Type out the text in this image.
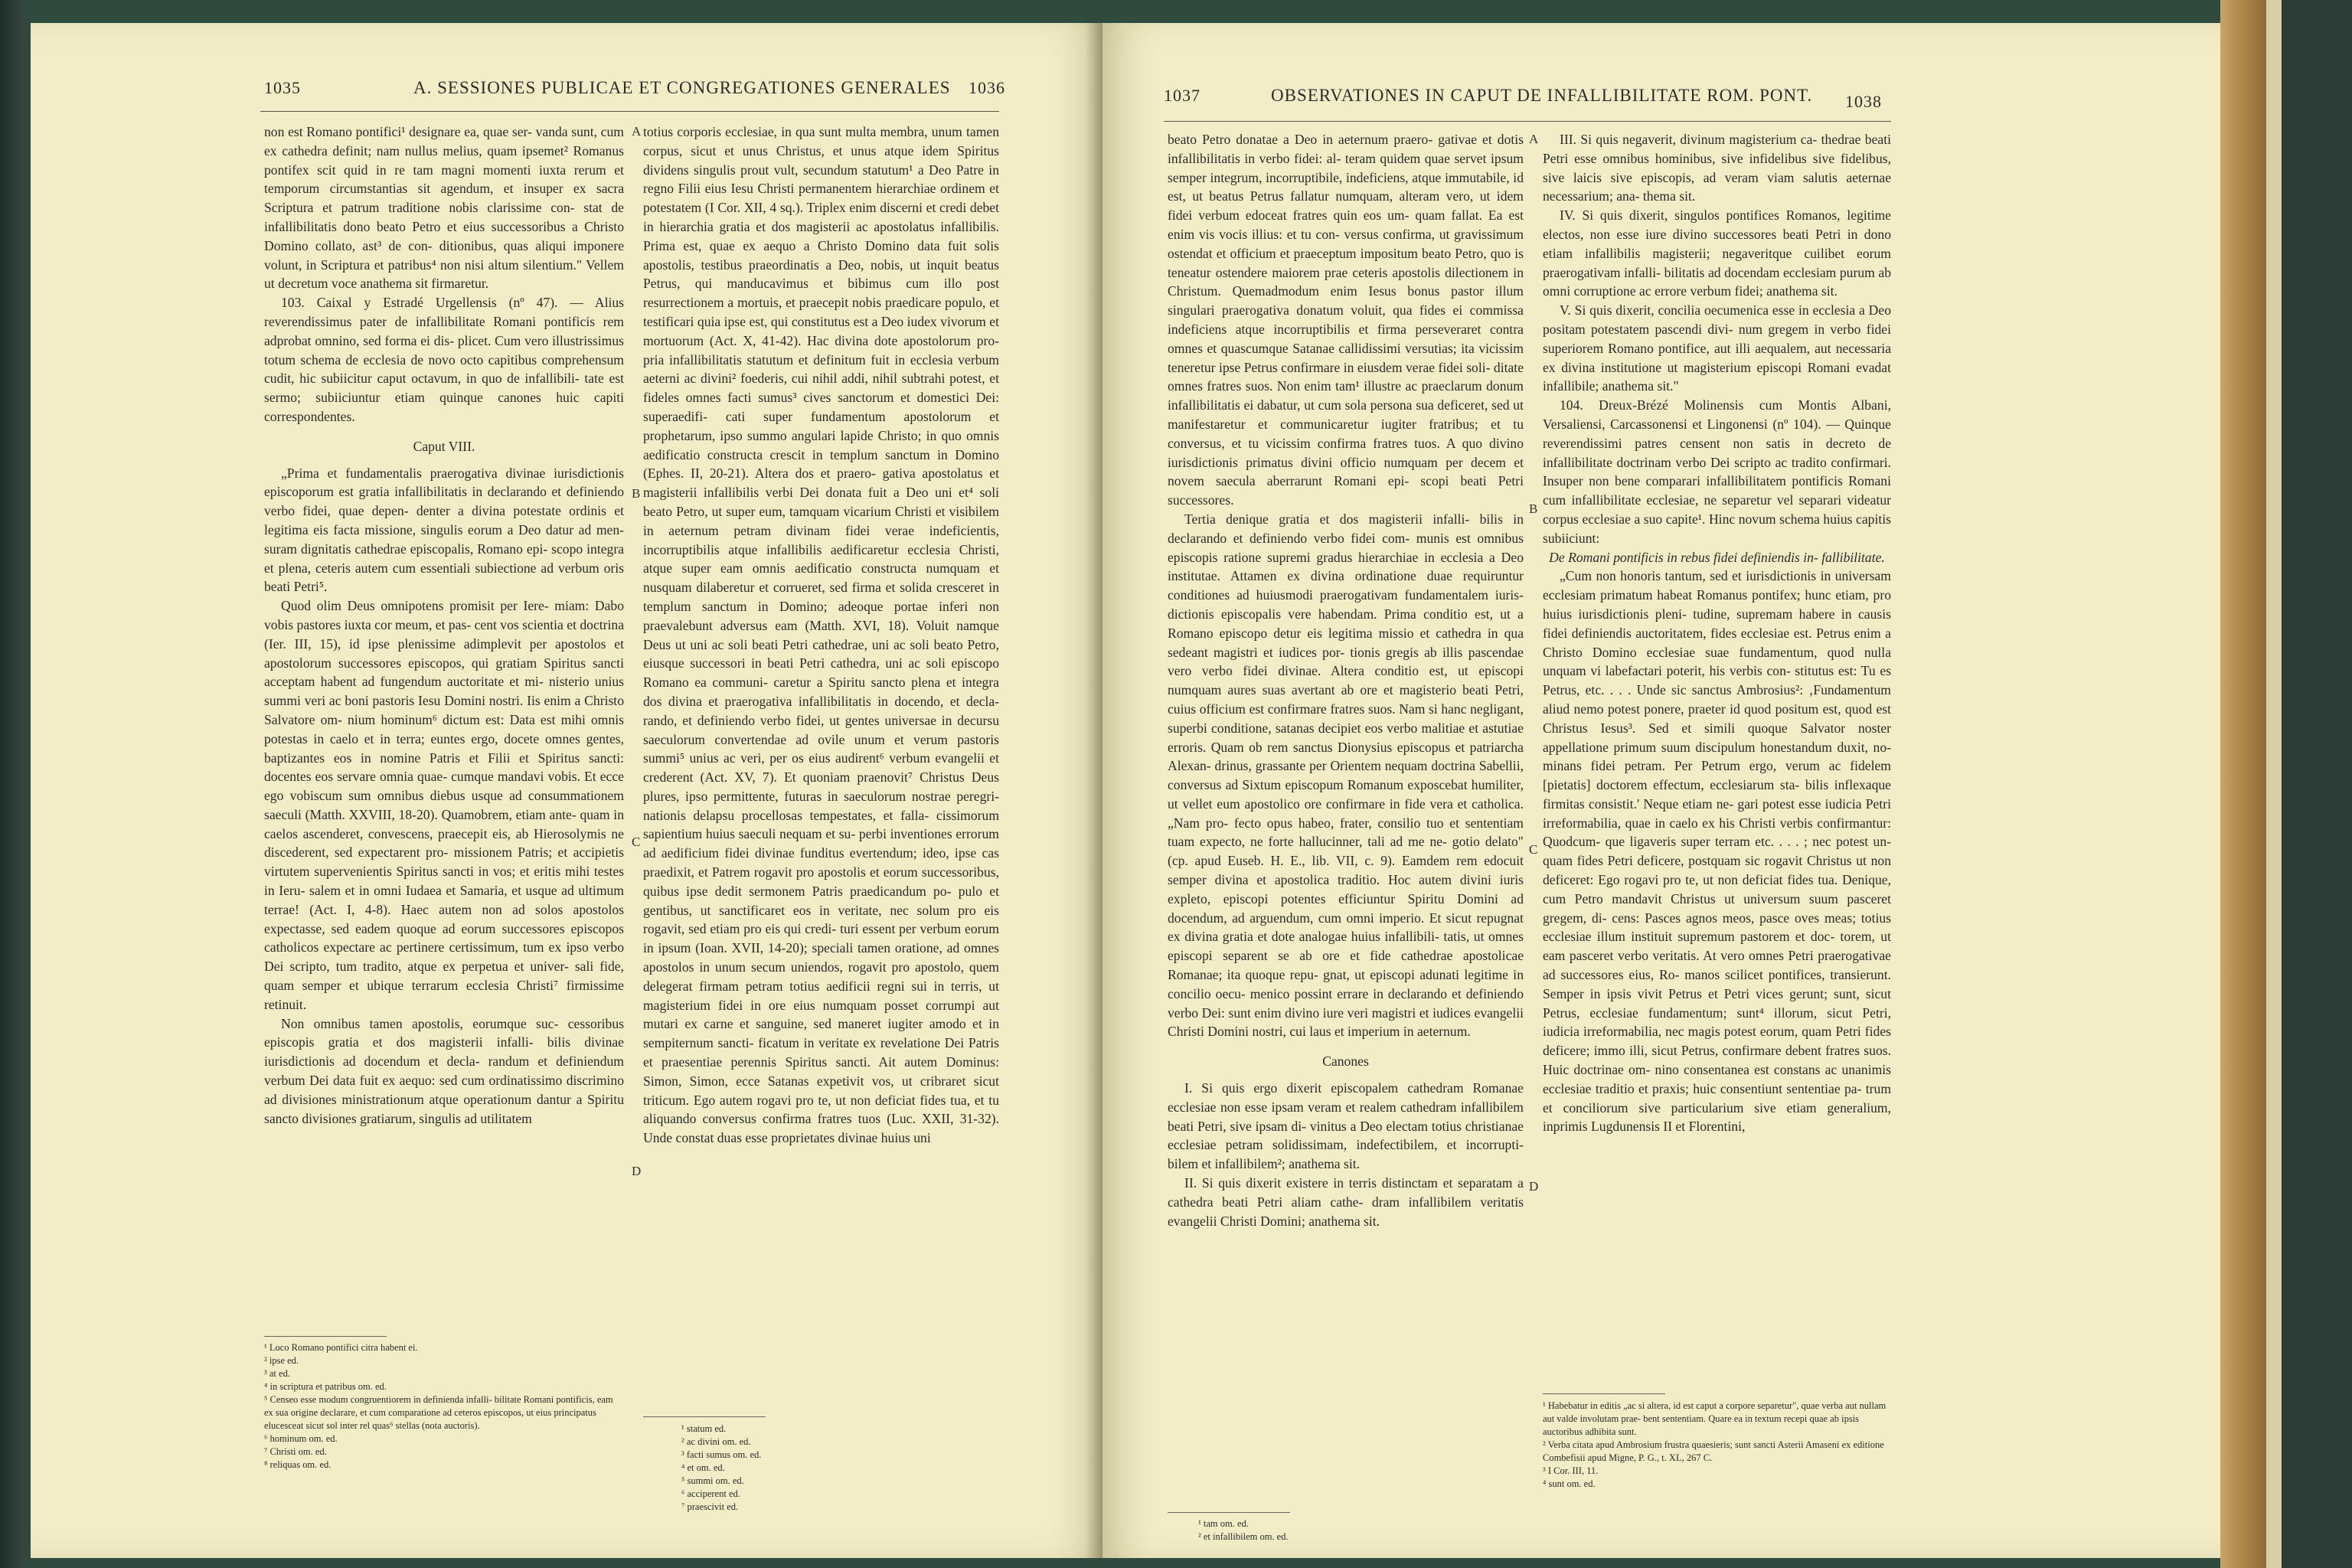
1035	A. SESSIONES PUBLICAE ET CONGREGATIONES GENERALES 1036

non est Romano pontifici¹ designare ea, quae ser- vanda sunt, cum ex cathedra definit; nam nullus melius, quam ipsemet² Romanus pontifex scit quid in re tam magni momenti iuxta rerum et temporum circumstantias sit agendum, et insuper ex sacra Scriptura et patrum traditione nobis clarissime con- stat de infallibilitatis dono beato Petro et eius successoribus a Christo Domino collato, ast³ de con- ditionibus, quas aliqui imponere volunt, in Scriptura et patribus⁴ non nisi altum silentium." Vellem ut decretum voce anathema sit firmaretur.

103. Caixal y Estradé Urgellensis (nº 47). — Alius reverendissimus pater de infallibilitate Romani pontificis rem adprobat omnino, sed forma ei dis- plicet. Cum vero illustrissimus totum schema de ecclesia de novo octo capitibus comprehensum cudit, hic subiicitur caput octavum, in quo de infallibili- tate est sermo; subiiciuntur etiam quinque canones huic capiti correspondentes.

Caput VIII.

„Prima et fundamentalis praerogativa divinae iurisdictionis episcoporum est gratia infallibilitatis in declarando et definiendo verbo fidei, quae depen- denter a divina potestate ordinis et legitima eis facta missione, singulis eorum a Deo datur ad men- suram dignitatis cathedrae episcopalis, Romano epi- scopo integra et plena, ceteris autem cum essentiali subiectione ad verbum oris beati Petri⁵.

Quod olim Deus omnipotens promisit per Iere- miam: Dabo vobis pastores iuxta cor meum, et pas- cent vos scientia et doctrina (Ier. III, 15), id ipse plenissime adimplevit per apostolos et apostolorum successores episcopos, qui gratiam Spiritus sancti acceptam habent ad fungendum auctoritate et mi- nisterio unius summi veri ac boni pastoris Iesu Domini nostri. Iis enim a Christo Salvatore om- nium hominum⁶ dictum est: Data est mihi omnis potestas in caelo et in terra; euntes ergo, docete omnes gentes, baptizantes eos in nomine Patris et Filii et Spiritus sancti: docentes eos servare omnia quae- cumque mandavi vobis. Et ecce ego vobiscum sum omnibus diebus usque ad consummationem saeculi (Matth. XXVIII, 18-20). Quamobrem, etiam ante- quam in caelos ascenderet, convescens, praecepit eis, ab Hierosolymis ne discederent, sed expectarent pro- missionem Patris; et accipietis virtutem supervenientis Spiritus sancti in vos; et eritis mihi testes in Ieru- salem et in omni Iudaea et Samaria, et usque ad ultimum terrae! (Act. I, 4-8). Haec autem non ad solos apostolos expectasse, sed eadem quoque ad eorum successores episcopos catholicos expectare ac pertinere certissimum, tum ex ipso verbo Dei scripto, tum tradito, atque ex perpetua et univer- sali fide, quam semper et ubique terrarum ecclesia Christi⁷ firmissime retinuit.

Non omnibus tamen apostolis, eorumque suc- cessoribus episcopis gratia et dos magisterii infalli- bilis divinae iurisdictionis ad docendum et decla- randum et definiendum verbum Dei data fuit ex aequo: sed cum ordinatissimo discrimino ad divisiones ministrationum atque operationum dantur a Spiritu sancto divisiones gratiarum, singulis ad utilitatem

¹ Loco Romano pontifici citra habent ei.
² ipse ed.
³ at ed.
⁴ in scriptura et patribus om. ed.
⁵ Censeo esse modum congruentiorem in definienda infalli- bilitate Romani pontificis, eam ex sua origine declarare, et cum comparatione ad ceteros episcopos, ut eius principatus elucesceat sicut sol inter rel quas⁶ stellas (nota auctoris).
⁶ hominum om. ed.
⁷ Christi om. ed.
⁸ reliquas om. ed.
A
B
C
D

totius corporis ecclesiae, in qua sunt multa membra, unum tamen corpus, sicut et unus Christus, et unus atque idem Spiritus dividens singulis prout vult, secundum statutum¹ a Deo Patre in regno Filii eius Iesu Christi permanentem hierarchiae ordinem et potestatem (I Cor. XII, 4 sq.). Triplex enim discerni et credi debet in hierarchia gratia et dos magisterii ac apostolatus infallibilis. Prima est, quae ex aequo a Christo Domino data fuit solis apostolis, testibus praeordinatis a Deo, nobis, ut inquit beatus Petrus, qui manducavimus et bibimus cum illo post resurrectionem a mortuis, et praecepit nobis praedicare populo, et testificari quia ipse est, qui constitutus est a Deo iudex vivorum et mortuorum (Act. X, 41-42). Hac divina dote apostolorum pro- pria infallibilitatis statutum et definitum fuit in ecclesia verbum aeterni ac divini² foederis, cui nihil addi, nihil subtrahi potest, et fideles omnes facti sumus³ cives sanctorum et domestici Dei: superaedifi- cati super fundamentum apostolorum et prophetarum, ipso summo angulari lapide Christo; in quo omnis aedificatio constructa crescit in templum sanctum in Domino (Ephes. II, 20-21). Altera dos et praero- gativa apostolatus et magisterii infallibilis verbi Dei donata fuit a Deo uni et⁴ soli beato Petro, ut super eum, tamquam vicarium Christi et visibilem in aeternum petram divinam fidei verae indeficientis, incorruptibilis atque infallibilis aedificaretur ecclesia Christi, atque super eam omnis aedificatio constructa numquam et nusquam dilaberetur et corrueret, sed firma et solida cresceret in templum sanctum in Domino; adeoque portae inferi non praevalebunt adversus eam (Matth. XVI, 18). Voluit namque Deus ut uni ac soli beati Petri cathedrae, uni ac soli beato Petro, eiusque successori in beati Petri cathedra, uni ac soli episcopo Romano ea communi- caretur a Spiritu sancto plena et integra dos divina et praerogativa infallibilitatis in docendo, et decla- rando, et definiendo verbo fidei, ut gentes universae in decursu saeculorum convertendae ad ovile unum et verum pastoris summi⁵ unius ac veri, per os eius audirent⁶ verbum evangelii et crederent (Act. XV, 7). Et quoniam praenovit⁷ Christus Deus plures, ipso permittente, futuras in saeculorum nostrae peregri- nationis delapsu procellosas tempestates, et falla- cissimorum sapientium huius saeculi nequam et su- perbi inventiones errorum ad aedificium fidei divinae funditus evertendum; ideo, ipse cas praedixit, et Patrem rogavit pro apostolis et eorum successoribus, quibus ipse dedit sermonem Patris praedicandum po- pulo et gentibus, ut sanctificaret eos in veritate, nec solum pro eis rogavit, sed etiam pro eis qui credi- turi essent per verbum eorum in ipsum (Ioan. XVII, 14-20); speciali tamen oratione, ad omnes apostolos in unum secum uniendos, rogavit pro apostolo, quem delegerat firmam petram totius aedificii regni sui in terris, ut magisterium fidei in ore eius numquam posset corrumpi aut mutari ex carne et sanguine, sed maneret iugiter amodo et in sempiternum sancti- ficatum in veritate ex revelatione Dei Patris et praesentiae perennis Spiritus sancti. Ait autem Dominus: Simon, Simon, ecce Satanas expetivit vos, ut cribraret sicut triticum. Ego autem rogavi pro te, ut non deficiat fides tua, et tu aliquando conversus confirma fratres tuos (Luc. XXII, 31-32). Unde constat duas esse proprietates divinae huius uni

¹ statum ed.
² ac divini om. ed.
³ facti sumus om. ed.
⁴ et om. ed.
⁵ summi om. ed.
⁶ acciperent ed.
⁷ praescivit ed.
1037	OBSERVATIONES IN CAPUT DE INFALLIBILITATE ROM. PONT. 1038

beato Petro donatae a Deo in aeternum praero- gativae et dotis infallibilitatis in verbo fidei: al- teram quidem quae servet ipsum semper integrum, incorruptibile, indeficiens, atque immutabile, id est, ut beatus Petrus fallatur numquam, alteram vero, ut idem fidei verbum edoceat fratres quin eos um- quam fallat. Ea est enim vis vocis illius: et tu con- versus confirma, ut gravissimum ostendat et officium et praeceptum impositum beato Petro, quo is teneatur ostendere maiorem prae ceteris apostolis dilectionem in Christum. Quemadmodum enim Iesus bonus pastor illum singulari praerogativa donatum voluit, qua fides ei commissa indeficiens atque incorruptibilis et firma perseveraret contra omnes et quascumque Satanae callidissimi versutias; ita vicissim teneretur ipse Petrus confirmare in eiusdem verae fidei soli- ditate omnes fratres suos. Non enim tam¹ illustre ac praeclarum donum infallibilitatis ei dabatur, ut cum sola persona sua deficeret, sed ut manifestaretur et communicaretur iugiter fratribus; et tu conversus, et tu vicissim confirma fratres tuos. A quo divino iurisdictionis primatus divini officio numquam per decem et novem saecula aberrarunt Romani epi- scopi beati Petri successores.

Tertia denique gratia et dos magisterii infalli- bilis in declarando et definiendo verbo fidei com- munis est omnibus episcopis ratione supremi gradus hierarchiae in ecclesia a Deo institutae. Attamen ex divina ordinatione duae requiruntur conditiones ad huiusmodi praerogativam fundamentalem iuris- dictionis episcopalis vere habendam. Prima conditio est, ut a Romano episcopo detur eis legitima missio et cathedra in qua sedeant magistri et iudices por- tionis gregis ab illis pascendae vero verbo fidei divinae. Altera conditio est, ut episcopi numquam aures suas avertant ab ore et magisterio beati Petri, cuius officium est confirmare fratres suos. Nam si hanc negligant, superbi conditione, satanas decipiet eos verbo malitiae et astutiae erroris. Quam ob rem sanctus Dionysius episcopus et patriarcha Alexan- drinus, grassante per Orientem nequam doctrina Sabellii, conversus ad Sixtum episcopum Romanum exposcebat humiliter, ut vellet eum apostolico ore confirmare in fide vera et catholica. „Nam pro- fecto opus habeo, frater, consilio tuo et sententiam tuam expecto, ne forte hallucinner, tali ad me ne- gotio delato" (cp. apud Euseb. H. E., lib. VII, c. 9). Eamdem rem edocuit semper divina et apostolica traditio. Hoc autem divini iuris expleto, episcopi potentes efficiuntur Spiritu Domini ad docendum, ad arguendum, cum omni imperio. Et sicut repugnat ex divina gratia et dote analogae huius infallibili- tatis, ut omnes episcopi separent se ab ore et fide cathedrae apostolicae Romanae; ita quoque repu- gnat, ut episcopi adunati legitime in concilio oecu- menico possint errare in declarando et definiendo verbo Dei: sunt enim divino iure veri magistri et iudices evangelii Christi Domini nostri, cui laus et imperium in aeternum.

Canones

I. Si quis ergo dixerit episcopalem cathedram Romanae ecclesiae non esse ipsam veram et realem cathedram infallibilem beati Petri, sive ipsam di- vinitus a Deo electam totius christianae ecclesiae petram solidissimam, indefectibilem, et incorrupti- bilem et infallibilem²; anathema sit.

II. Si quis dixerit existere in terris distinctam et separatam a cathedra beati Petri aliam cathe- dram infallibilem veritatis evangelii Christi Domini; anathema sit.

¹ tam om. ed.
² et infallibilem om. ed.
A
B
C
D

III. Si quis negaverit, divinum magisterium ca- thedrae beati Petri esse omnibus hominibus, sive infidelibus sive fidelibus, sive laicis sive episcopis, ad veram viam salutis aeternae necessarium; ana- thema sit.

IV. Si quis dixerit, singulos pontifices Romanos, legitime electos, non esse iure divino successores beati Petri in dono etiam infallibilis magisterii; negaveritque cuilibet eorum praerogativam infalli- bilitatis ad docendam ecclesiam purum ab omni corruptione ac errore verbum fidei; anathema sit.

V. Si quis dixerit, concilia oecumenica esse in ecclesia a Deo positam potestatem pascendi divi- num gregem in verbo fidei superiorem Romano pontifice, aut illi aequalem, aut necessaria ex divina institutione ut magisterium episcopi Romani evadat infallibile; anathema sit."

104. Dreux-Brézé Molinensis cum Montis Albani, Versaliensi, Carcassonensi et Lingonensi (nº 104). — Quinque reverendissimi patres censent non satis in decreto de infallibilitate doctrinam verbo Dei scripto ac tradito confirmari. Insuper non bene comparari infallibilitatem pontificis Romani cum infallibilitate ecclesiae, ne separetur vel separari videatur corpus ecclesiae a suo capite¹. Hinc novum schema huius capitis subiiciunt:

De Romani pontificis in rebus fidei definiendis in- fallibilitate.

„Cum non honoris tantum, sed et iurisdictionis in universam ecclesiam primatum habeat Romanus pontifex; hunc etiam, pro huius iurisdictionis pleni- tudine, supremam habere in causis fidei definiendis auctoritatem, fides ecclesiae est. Petrus enim a Christo Domino ecclesiae suae fundamentum, quod nulla unquam vi labefactari poterit, his verbis con- stitutus est: Tu es Petrus, etc. . . . Unde sic sanctus Ambrosius²: ‚Fundamentum aliud nemo potest ponere, praeter id quod positum est, quod est Christus Iesus³. Sed et simili quoque Salvator noster appellatione primum suum discipulum honestandum duxit, no- minans fidei petram. Per Petrum ergo, verum ac fidelem [pietatis] doctorem effectum, ecclesiarum sta- bilis inflexaque firmitas consistit.' Neque etiam ne- gari potest esse iudicia Petri irreformabilia, quae in caelo ex his Christi verbis confirmantur: Quodcum- que ligaveris super terram etc. . . . ; nec potest un- quam fides Petri deficere, postquam sic rogavit Christus ut non deficeret: Ego rogavi pro te, ut non deficiat fides tua. Denique, cum Petro mandavit Christus ut universum suum pasceret gregem, di- cens: Pasces agnos meos, pasce oves meas; totius ecclesiae illum instituit supremum pastorem et doc- torem, ut eam pasceret verbo veritatis. At vero omnes Petri praerogativae ad successores eius, Ro- manos scilicet pontifices, transierunt. Semper in ipsis vivit Petrus et Petri vices gerunt; sunt, sicut Petrus, ecclesiae fundamentum; sunt⁴ illorum, sicut Petri, iudicia irreformabilia, nec magis potest eorum, quam Petri fides deficere; immo illi, sicut Petrus, confirmare debent fratres suos. Huic doctrinae om- nino consentanea est constans ac unanimis ecclesiae traditio et praxis; huic consentiunt sententiae pa- trum et conciliorum sive particularium sive etiam generalium, inprimis Lugdunensis II et Florentini,

¹ Habebatur in editis „ac si altera, id est caput a corpore separetur", quae verba aut nullam aut valde involutam prae- bent sententiam. Quare ea in textum recepi quae ab ipsis auctoribus adhibita sunt.
² Verba citata apud Ambrosium frustra quaesieris; sunt sancti Asterii Amaseni ex editione Combefisii apud Migne, P. G., t. XL, 267 C.
³ I Cor. III, 11.
⁴ sunt om. ed.
